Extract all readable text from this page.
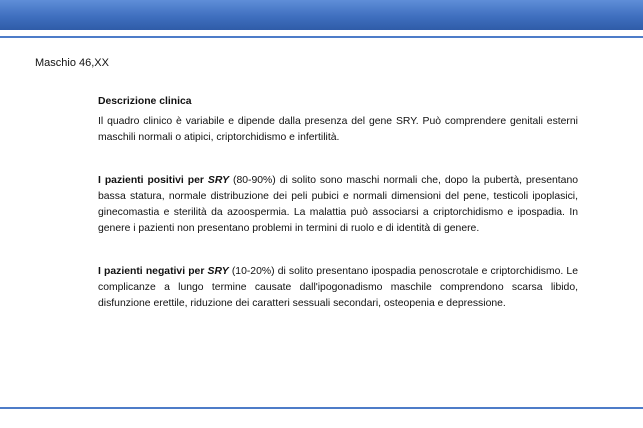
Maschio 46,XX

Descrizione clinica

Il quadro clinico è variabile e dipende dalla presenza del gene SRY. Può comprendere genitali esterni maschili normali o atipici, criptorchidismo e infertilità.

I pazienti positivi per SRY (80-90%) di solito sono maschi normali che, dopo la pubertà, presentano bassa statura, normale distribuzione dei peli pubici e normali dimensioni del pene, testicoli ipoplasici, ginecomastia e sterilità da azoospermia. La malattia può associarsi a criptorchidismo e ipospadia. In genere i pazienti non presentano problemi in termini di ruolo e di identità di genere.

I pazienti negativi per SRY (10-20%) di solito presentano ipospadia penoscrotale e criptorchidismo. Le complicanze a lungo termine causate dall'ipogonadismo maschile comprendono scarsa libido, disfunzione erettile, riduzione dei caratteri sessuali secondari, osteopenia e depressione.
